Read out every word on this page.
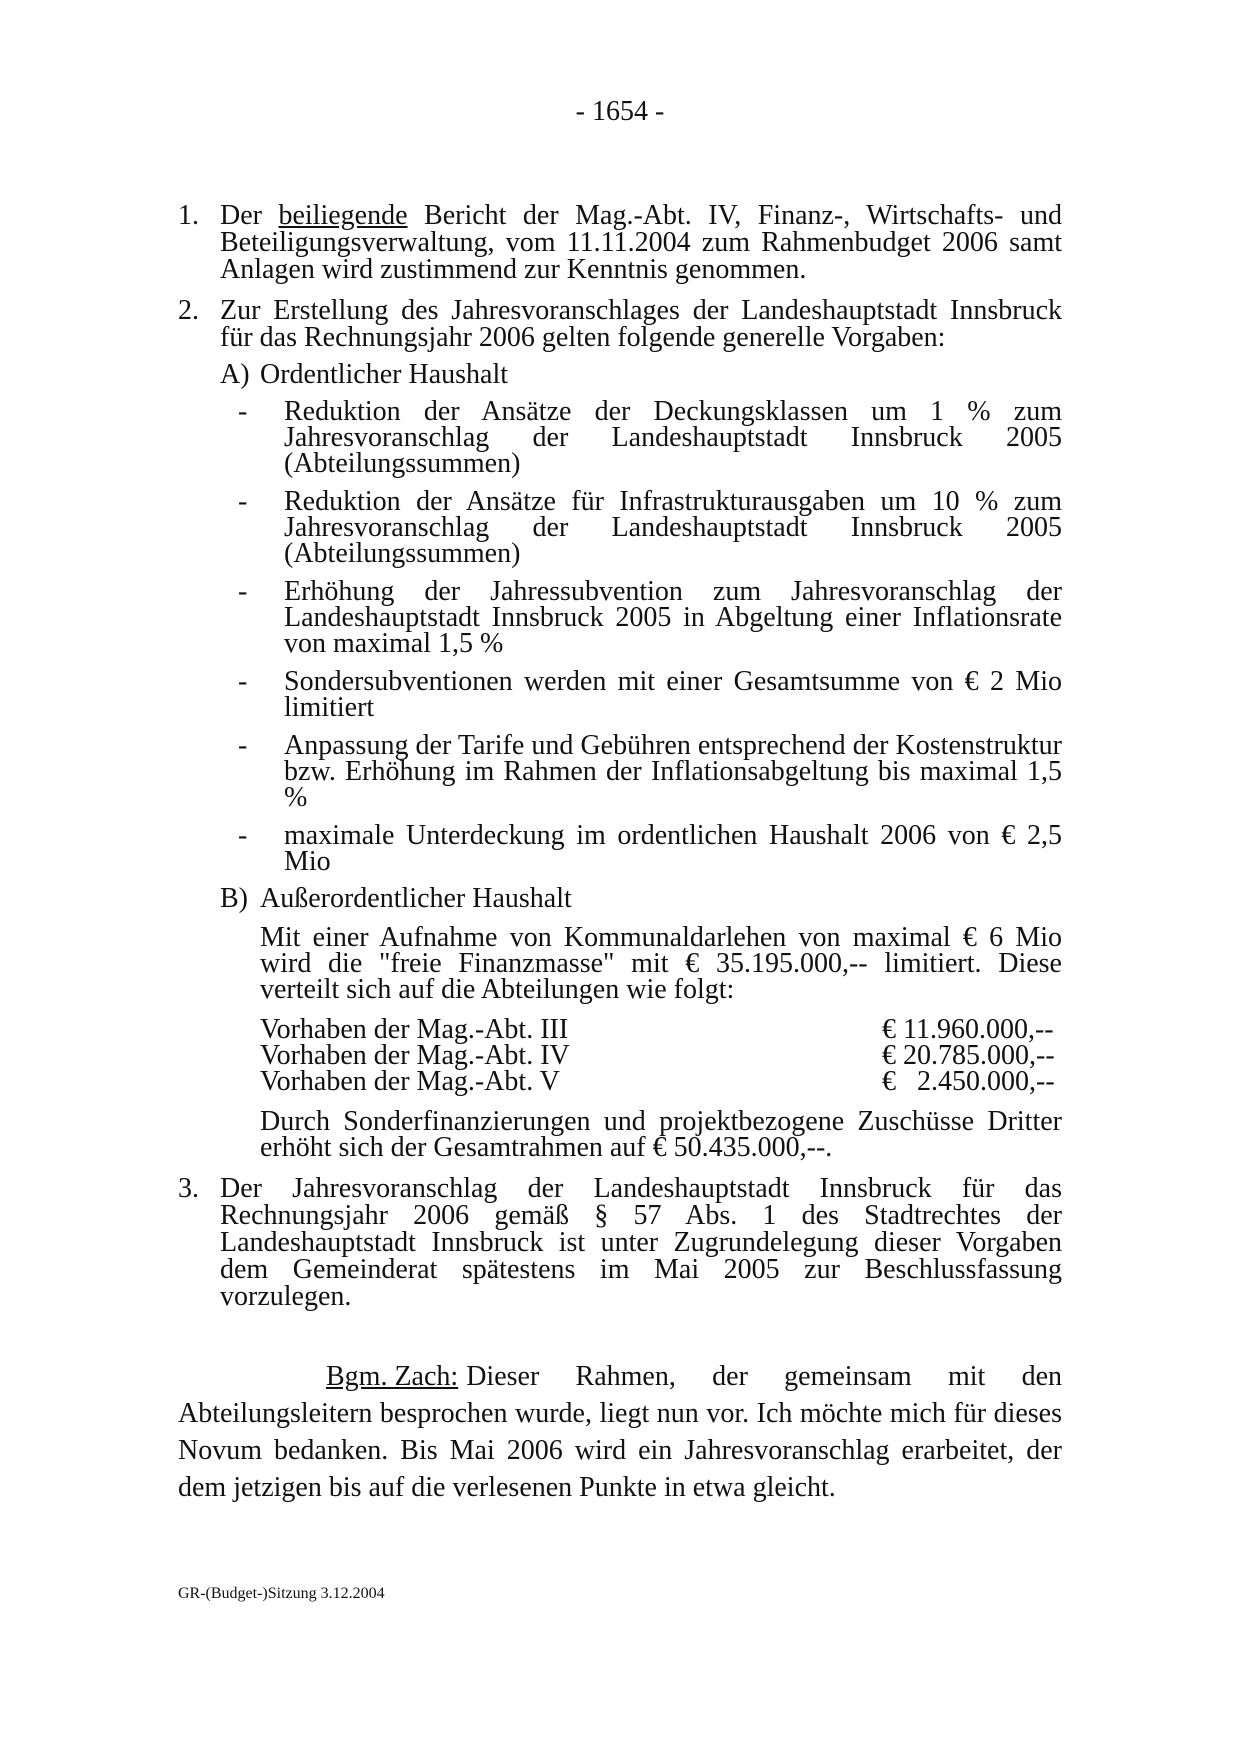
- 1654 -
1. Der beiliegende Bericht der Mag.-Abt. IV, Finanz-, Wirtschafts- und Beteiligungsverwaltung, vom 11.11.2004 zum Rahmenbudget 2006 samt Anlagen wird zustimmend zur Kenntnis genommen.

2. Zur Erstellung des Jahresvoranschlages der Landeshauptstadt Innsbruck für das Rechnungsjahr 2006 gelten folgende generelle Vorgaben:

A) Ordentlicher Haushalt
- Reduktion der Ansätze der Deckungsklassen um 1 % zum Jahresvoranschlag der Landeshauptstadt Innsbruck 2005 (Abteilungssummen)
- Reduktion der Ansätze für Infrastrukturausgaben um 10 % zum Jahresvoranschlag der Landeshauptstadt Innsbruck 2005 (Abteilungssummen)
- Erhöhung der Jahressubvention zum Jahresvoranschlag der Landeshauptstadt Innsbruck 2005 in Abgeltung einer Inflationsrate von maximal 1,5 %
- Sondersubventionen werden mit einer Gesamtsumme von € 2 Mio limitiert
- Anpassung der Tarife und Gebühren entsprechend der Kostenstruktur bzw. Erhöhung im Rahmen der Inflationsabgeltung bis maximal 1,5 %
- maximale Unterdeckung im ordentlichen Haushalt 2006 von € 2,5 Mio
B) Außerordentlicher Haushalt

Mit einer Aufnahme von Kommunaldarlehen von maximal € 6 Mio wird die "freie Finanzmasse" mit € 35.195.000,-- limitiert. Diese verteilt sich auf die Abteilungen wie folgt:

Vorhaben der Mag.-Abt. III	€ 11.960.000,--
Vorhaben der Mag.-Abt. IV	€ 20.785.000,--
Vorhaben der Mag.-Abt. V	€   2.450.000,--

Durch Sonderfinanzierungen und projektbezogene Zuschüsse Dritter erhöht sich der Gesamtrahmen auf € 50.435.000,--.

3. Der Jahresvoranschlag der Landeshauptstadt Innsbruck für das Rechnungsjahr 2006 gemäß § 57 Abs. 1 des Stadtrechtes der Landeshauptstadt Innsbruck ist unter Zugrundelegung dieser Vorgaben dem Gemeinderat spätestens im Mai 2005 zur Beschlussfassung vorzulegen.

Bgm. Zach: Dieser Rahmen, der gemeinsam mit den Abteilungsleitern besprochen wurde, liegt nun vor. Ich möchte mich für dieses Novum bedanken. Bis Mai 2006 wird ein Jahresvoranschlag erarbeitet, der dem jetzigen bis auf die verlesenen Punkte in etwa gleicht.
GR-(Budget-)Sitzung 3.12.2004
